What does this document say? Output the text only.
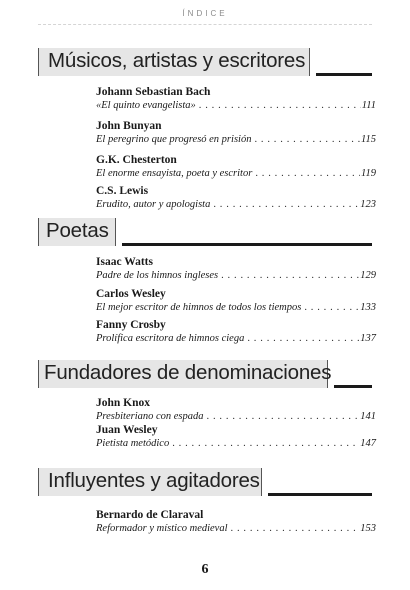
ÍNDICE
Músicos, artistas y escritores
Johann Sebastian Bach
«El quinto evangelista» . . .	111
John Bunyan
El peregrino que progresó en prisión . . .	115
G.K. Chesterton
El enorme ensayista, poeta y escritor . . .	119
C.S. Lewis
Erudito, autor y apologista . . .	123
Poetas
Isaac Watts
Padre de los himnos ingleses . . .	129
Carlos Wesley
El mejor escritor de himnos de todos los tiempos . . .	133
Fanny Crosby
Prolífica escritora de himnos ciega . . .	137
Fundadores de denominaciones
John Knox
Presbiteriano con espada . . .	141
Juan Wesley
Pietista metódico . . .	147
Influyentes y agitadores
Bernardo de Claraval
Reformador y místico medieval . . .	153
6
